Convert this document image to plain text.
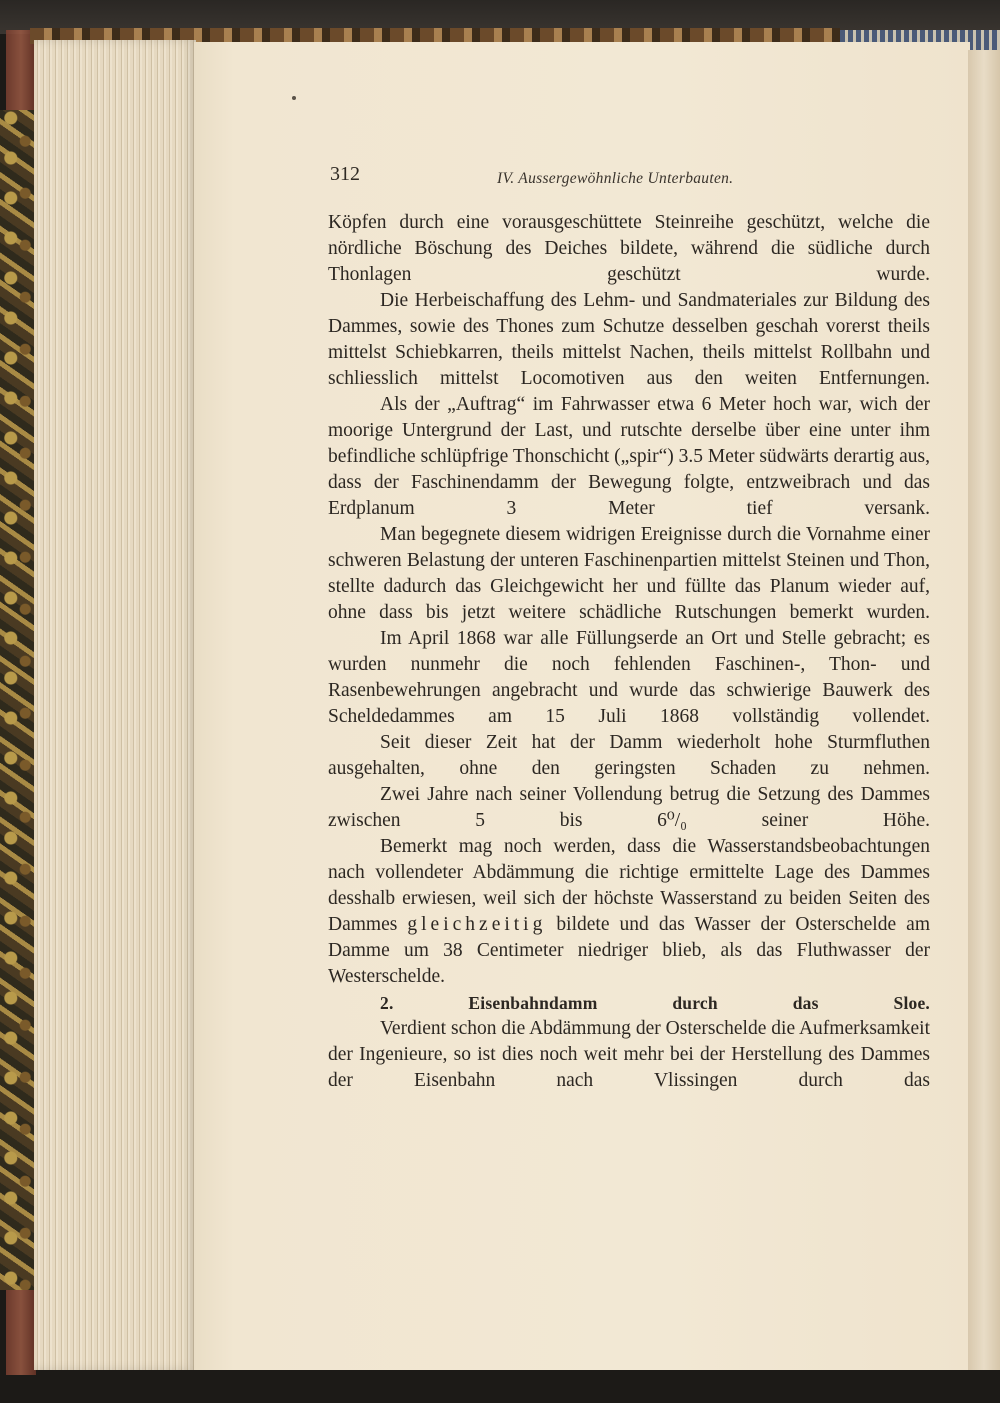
312	IV. Aussergewöhnliche Unterbauten.

Köpfen durch eine vorausgeschüttete Steinreihe geschützt, welche die nördliche Böschung des Deiches bildete, während die südliche durch Thonlagen geschützt wurde.

Die Herbeischaffung des Lehm- und Sandmateriales zur Bildung des Dammes, sowie des Thones zum Schutze desselben geschah vorerst theils mittelst Schiebkarren, theils mittelst Nachen, theils mittelst Rollbahn und schliesslich mittelst Locomotiven aus den weiten Entfernungen.

Als der „Auftrag“ im Fahrwasser etwa 6 Meter hoch war, wich der moorige Untergrund der Last, und rutschte derselbe über eine unter ihm befindliche schlüpfrige Thonschicht („spir“) 3.5 Meter südwärts derartig aus, dass der Faschinendamm der Bewegung folgte, entzweibrach und das Erdplanum 3 Meter tief versank.

Man begegnete diesem widrigen Ereignisse durch die Vornahme einer schweren Belastung der unteren Faschinenpartien mittelst Steinen und Thon, stellte dadurch das Gleichgewicht her und füllte das Planum wieder auf, ohne dass bis jetzt weitere schädliche Rutschungen bemerkt wurden.

Im April 1868 war alle Füllungserde an Ort und Stelle gebracht; es wurden nunmehr die noch fehlenden Faschinen-, Thon- und Rasenbewehrungen angebracht und wurde das schwierige Bauwerk des Scheldedammes am 15 Juli 1868 vollständig vollendet.

Seit dieser Zeit hat der Damm wiederholt hohe Sturmfluthen ausgehalten, ohne den geringsten Schaden zu nehmen.

Zwei Jahre nach seiner Vollendung betrug die Setzung des Dammes zwischen 5 bis 6⁰/₀ seiner Höhe.

Bemerkt mag noch werden, dass die Wasserstandsbeobachtungen nach vollendeter Abdämmung die richtige ermittelte Lage des Dammes desshalb erwiesen, weil sich der höchste Wasserstand zu beiden Seiten des Dammes gleichzeitig bildete und das Wasser der Osterschelde am Damme um 38 Centimeter niedriger blieb, als das Fluthwasser der Westerschelde.

2. Eisenbahndamm durch das Sloe.

Verdient schon die Abdämmung der Osterschelde die Aufmerksamkeit der Ingenieure, so ist dies noch weit mehr bei der Herstellung des Dammes der Eisenbahn nach Vlissingen durch das
